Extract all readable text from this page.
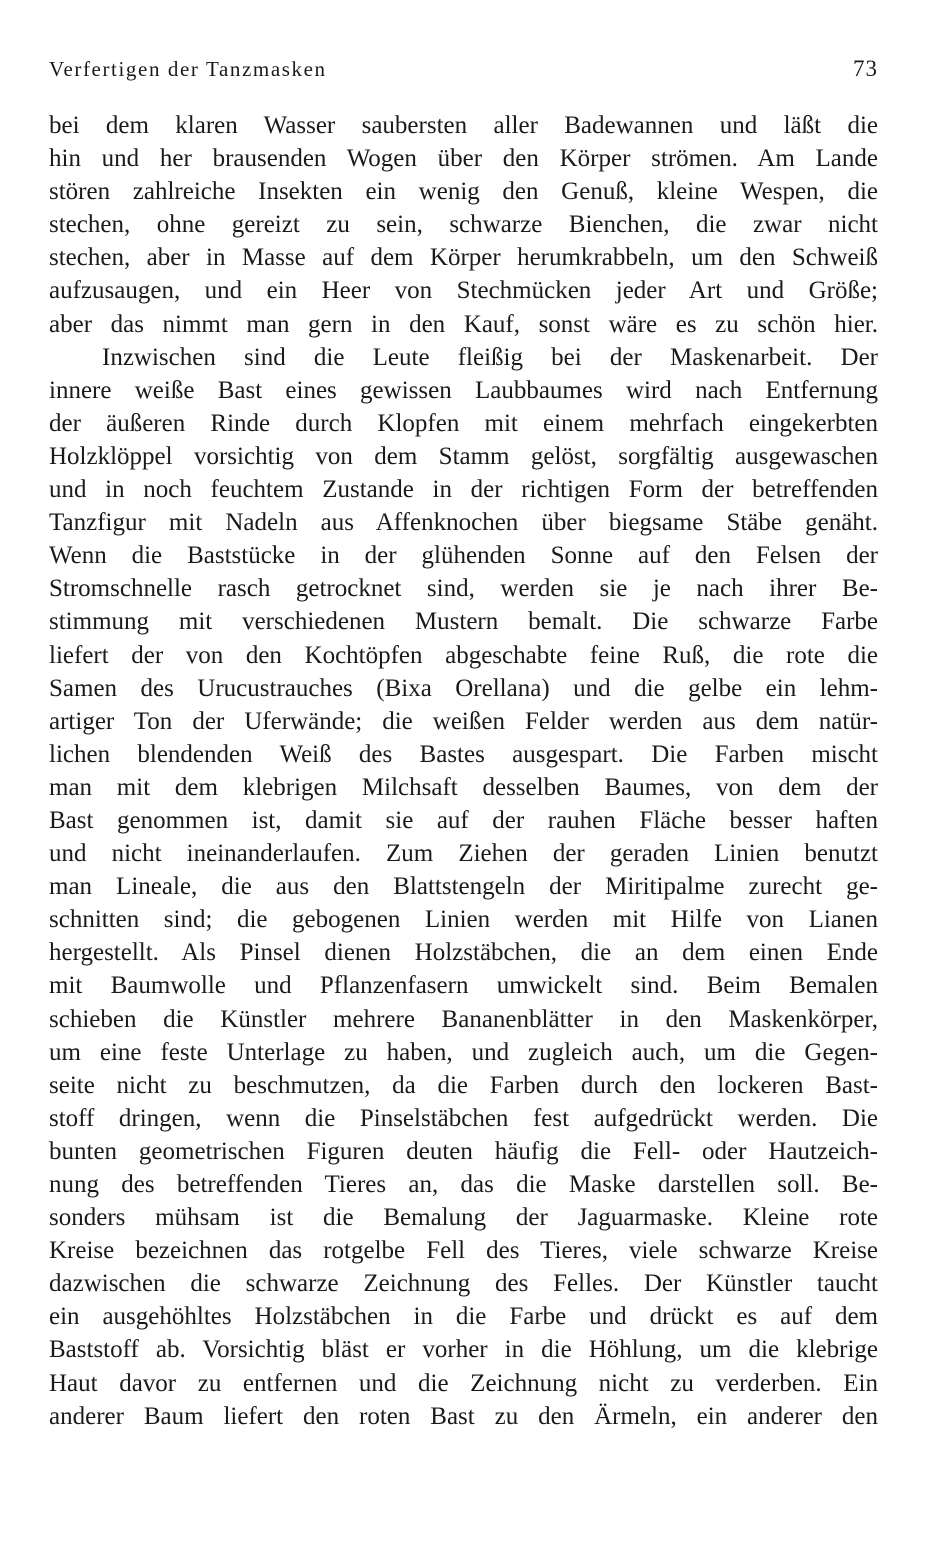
Verfertigen der Tanzmasken	73
bei dem klaren Wasser saubersten aller Badewannen und läßt die
hin und her brausenden Wogen über den Körper strömen. Am Lande
stören zahlreiche Insekten ein wenig den Genuß, kleine Wespen, die
stechen, ohne gereizt zu sein, schwarze Bienchen, die zwar nicht
stechen, aber in Masse auf dem Körper herumkrabbeln, um den Schweiß
aufzusaugen, und ein Heer von Stechmücken jeder Art und Größe;
aber das nimmt man gern in den Kauf, sonst wäre es zu schön hier.
Inzwischen sind die Leute fleißig bei der Maskenarbeit. Der
innere weiße Bast eines gewissen Laubbaumes wird nach Entfernung
der äußeren Rinde durch Klopfen mit einem mehrfach eingekerbten
Holzklöppel vorsichtig von dem Stamm gelöst, sorgfältig ausgewaschen
und in noch feuchtem Zustande in der richtigen Form der betreffenden
Tanzfigur mit Nadeln aus Affenknochen über biegsame Stäbe genäht.
Wenn die Baststücke in der glühenden Sonne auf den Felsen der
Stromschnelle rasch getrocknet sind, werden sie je nach ihrer Be-
stimmung mit verschiedenen Mustern bemalt. Die schwarze Farbe
liefert der von den Kochtöpfen abgeschabte feine Ruß, die rote die
Samen des Urucustrauches (Bixa Orellana) und die gelbe ein lehm-
artiger Ton der Uferwände; die weißen Felder werden aus dem natür-
lichen blendenden Weiß des Bastes ausgespart. Die Farben mischt
man mit dem klebrigen Milchsaft desselben Baumes, von dem der
Bast genommen ist, damit sie auf der rauhen Fläche besser haften
und nicht ineinanderlaufen. Zum Ziehen der geraden Linien benutzt
man Lineale, die aus den Blattstengeln der Miritipalme zurecht ge-
schnitten sind; die gebogenen Linien werden mit Hilfe von Lianen
hergestellt. Als Pinsel dienen Holzstäbchen, die an dem einen Ende
mit Baumwolle und Pflanzenfasern umwickelt sind. Beim Bemalen
schieben die Künstler mehrere Bananenblätter in den Maskenkörper,
um eine feste Unterlage zu haben, und zugleich auch, um die Gegen-
seite nicht zu beschmutzen, da die Farben durch den lockeren Bast-
stoff dringen, wenn die Pinselstäbchen fest aufgedrückt werden. Die
bunten geometrischen Figuren deuten häufig die Fell- oder Hautzeich-
nung des betreffenden Tieres an, das die Maske darstellen soll. Be-
sonders mühsam ist die Bemalung der Jaguarmaske. Kleine rote
Kreise bezeichnen das rotgelbe Fell des Tieres, viele schwarze Kreise
dazwischen die schwarze Zeichnung des Felles. Der Künstler taucht
ein ausgehöhltes Holzstäbchen in die Farbe und drückt es auf dem
Baststoff ab. Vorsichtig bläst er vorher in die Höhlung, um die klebrige
Haut davor zu entfernen und die Zeichnung nicht zu verderben. Ein
anderer Baum liefert den roten Bast zu den Ärmeln, ein anderer den
